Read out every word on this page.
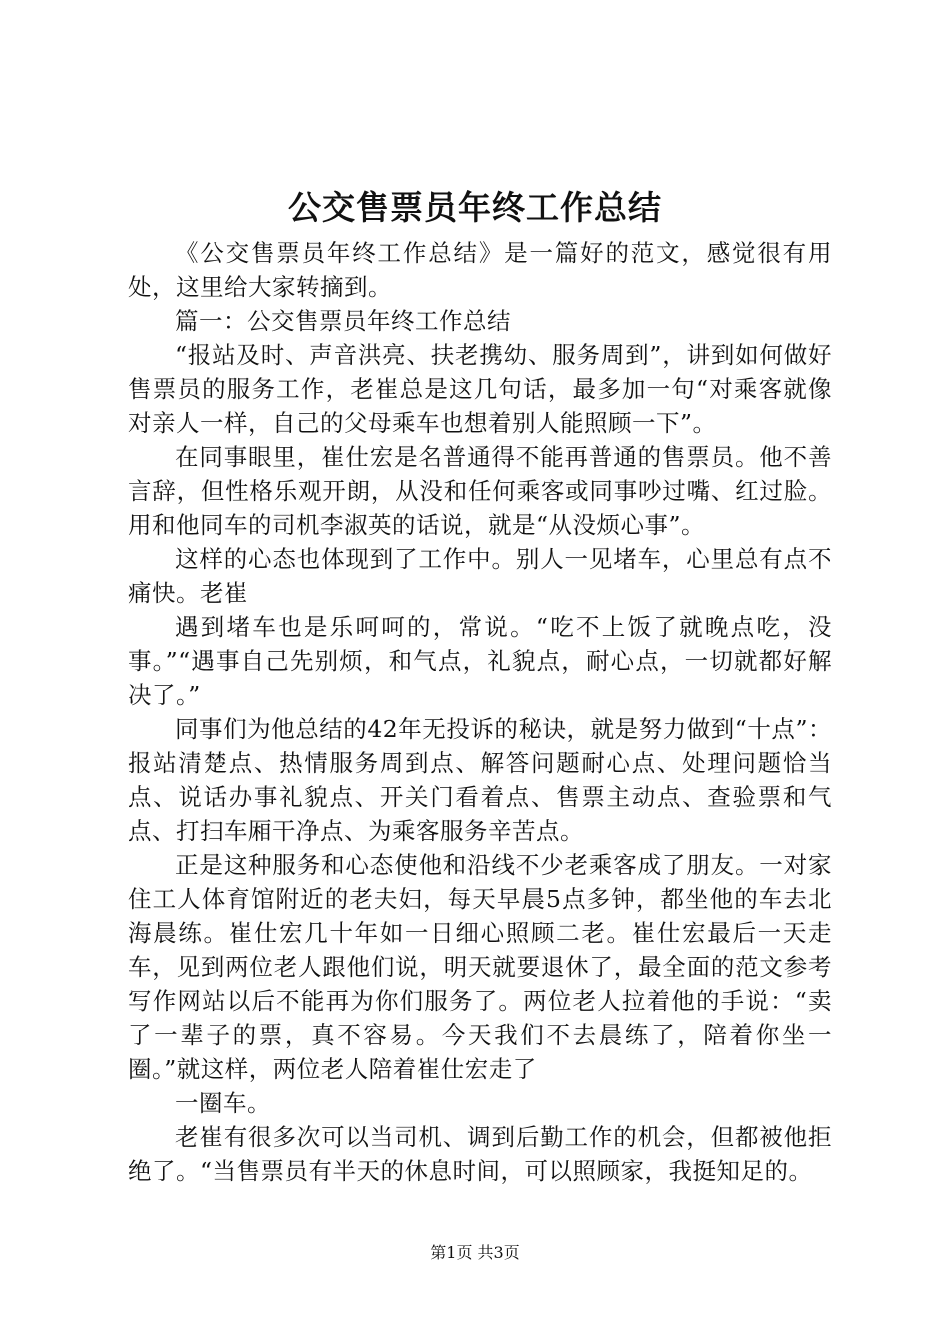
公交售票员年终工作总结

《公交售票员年终工作总结》是一篇好的范文，感觉很有用处，这里给大家转摘到。

篇一：公交售票员年终工作总结

“报站及时、声音洪亮、扶老携幼、服务周到”，讲到如何做好售票员的服务工作，老崔总是这几句话，最多加一句“对乘客就像对亲人一样，自己的父母乘车也想着别人能照顾一下”。

在同事眼里，崔仕宏是名普通得不能再普通的售票员。他不善言辞，但性格乐观开朗，从没和任何乘客或同事吵过嘴、红过脸。用和他同车的司机李淑英的话说，就是“从没烦心事”。

这样的心态也体现到了工作中。别人一见堵车，心里总有点不痛快。老崔

遇到堵车也是乐呵呵的，常说。“吃不上饭了就晚点吃，没事。”“遇事自己先别烦，和气点，礼貌点，耐心点，一切就都好解决了。”

同事们为他总结的42年无投诉的秘诀，就是努力做到“十点”：报站清楚点、热情服务周到点、解答问题耐心点、处理问题恰当点、说话办事礼貌点、开关门看着点、售票主动点、查验票和气点、打扫车厢干净点、为乘客服务辛苦点。

正是这种服务和心态使他和沿线不少老乘客成了朋友。一对家住工人体育馆附近的老夫妇，每天早晨5点多钟，都坐他的车去北海晨练。崔仕宏几十年如一日细心照顾二老。崔仕宏最后一天走车，见到两位老人跟他们说，明天就要退休了，最全面的范文参考写作网站以后不能再为你们服务了。两位老人拉着他的手说：“卖了一辈子的票，真不容易。今天我们不去晨练了，陪着你坐一圈。”就这样，两位老人陪着崔仕宏走了

一圈车。

老崔有很多次可以当司机、调到后勤工作的机会，但都被他拒绝了。“当售票员有半天的休息时间，可以照顾家，我挺知足的。

第1页 共3页
